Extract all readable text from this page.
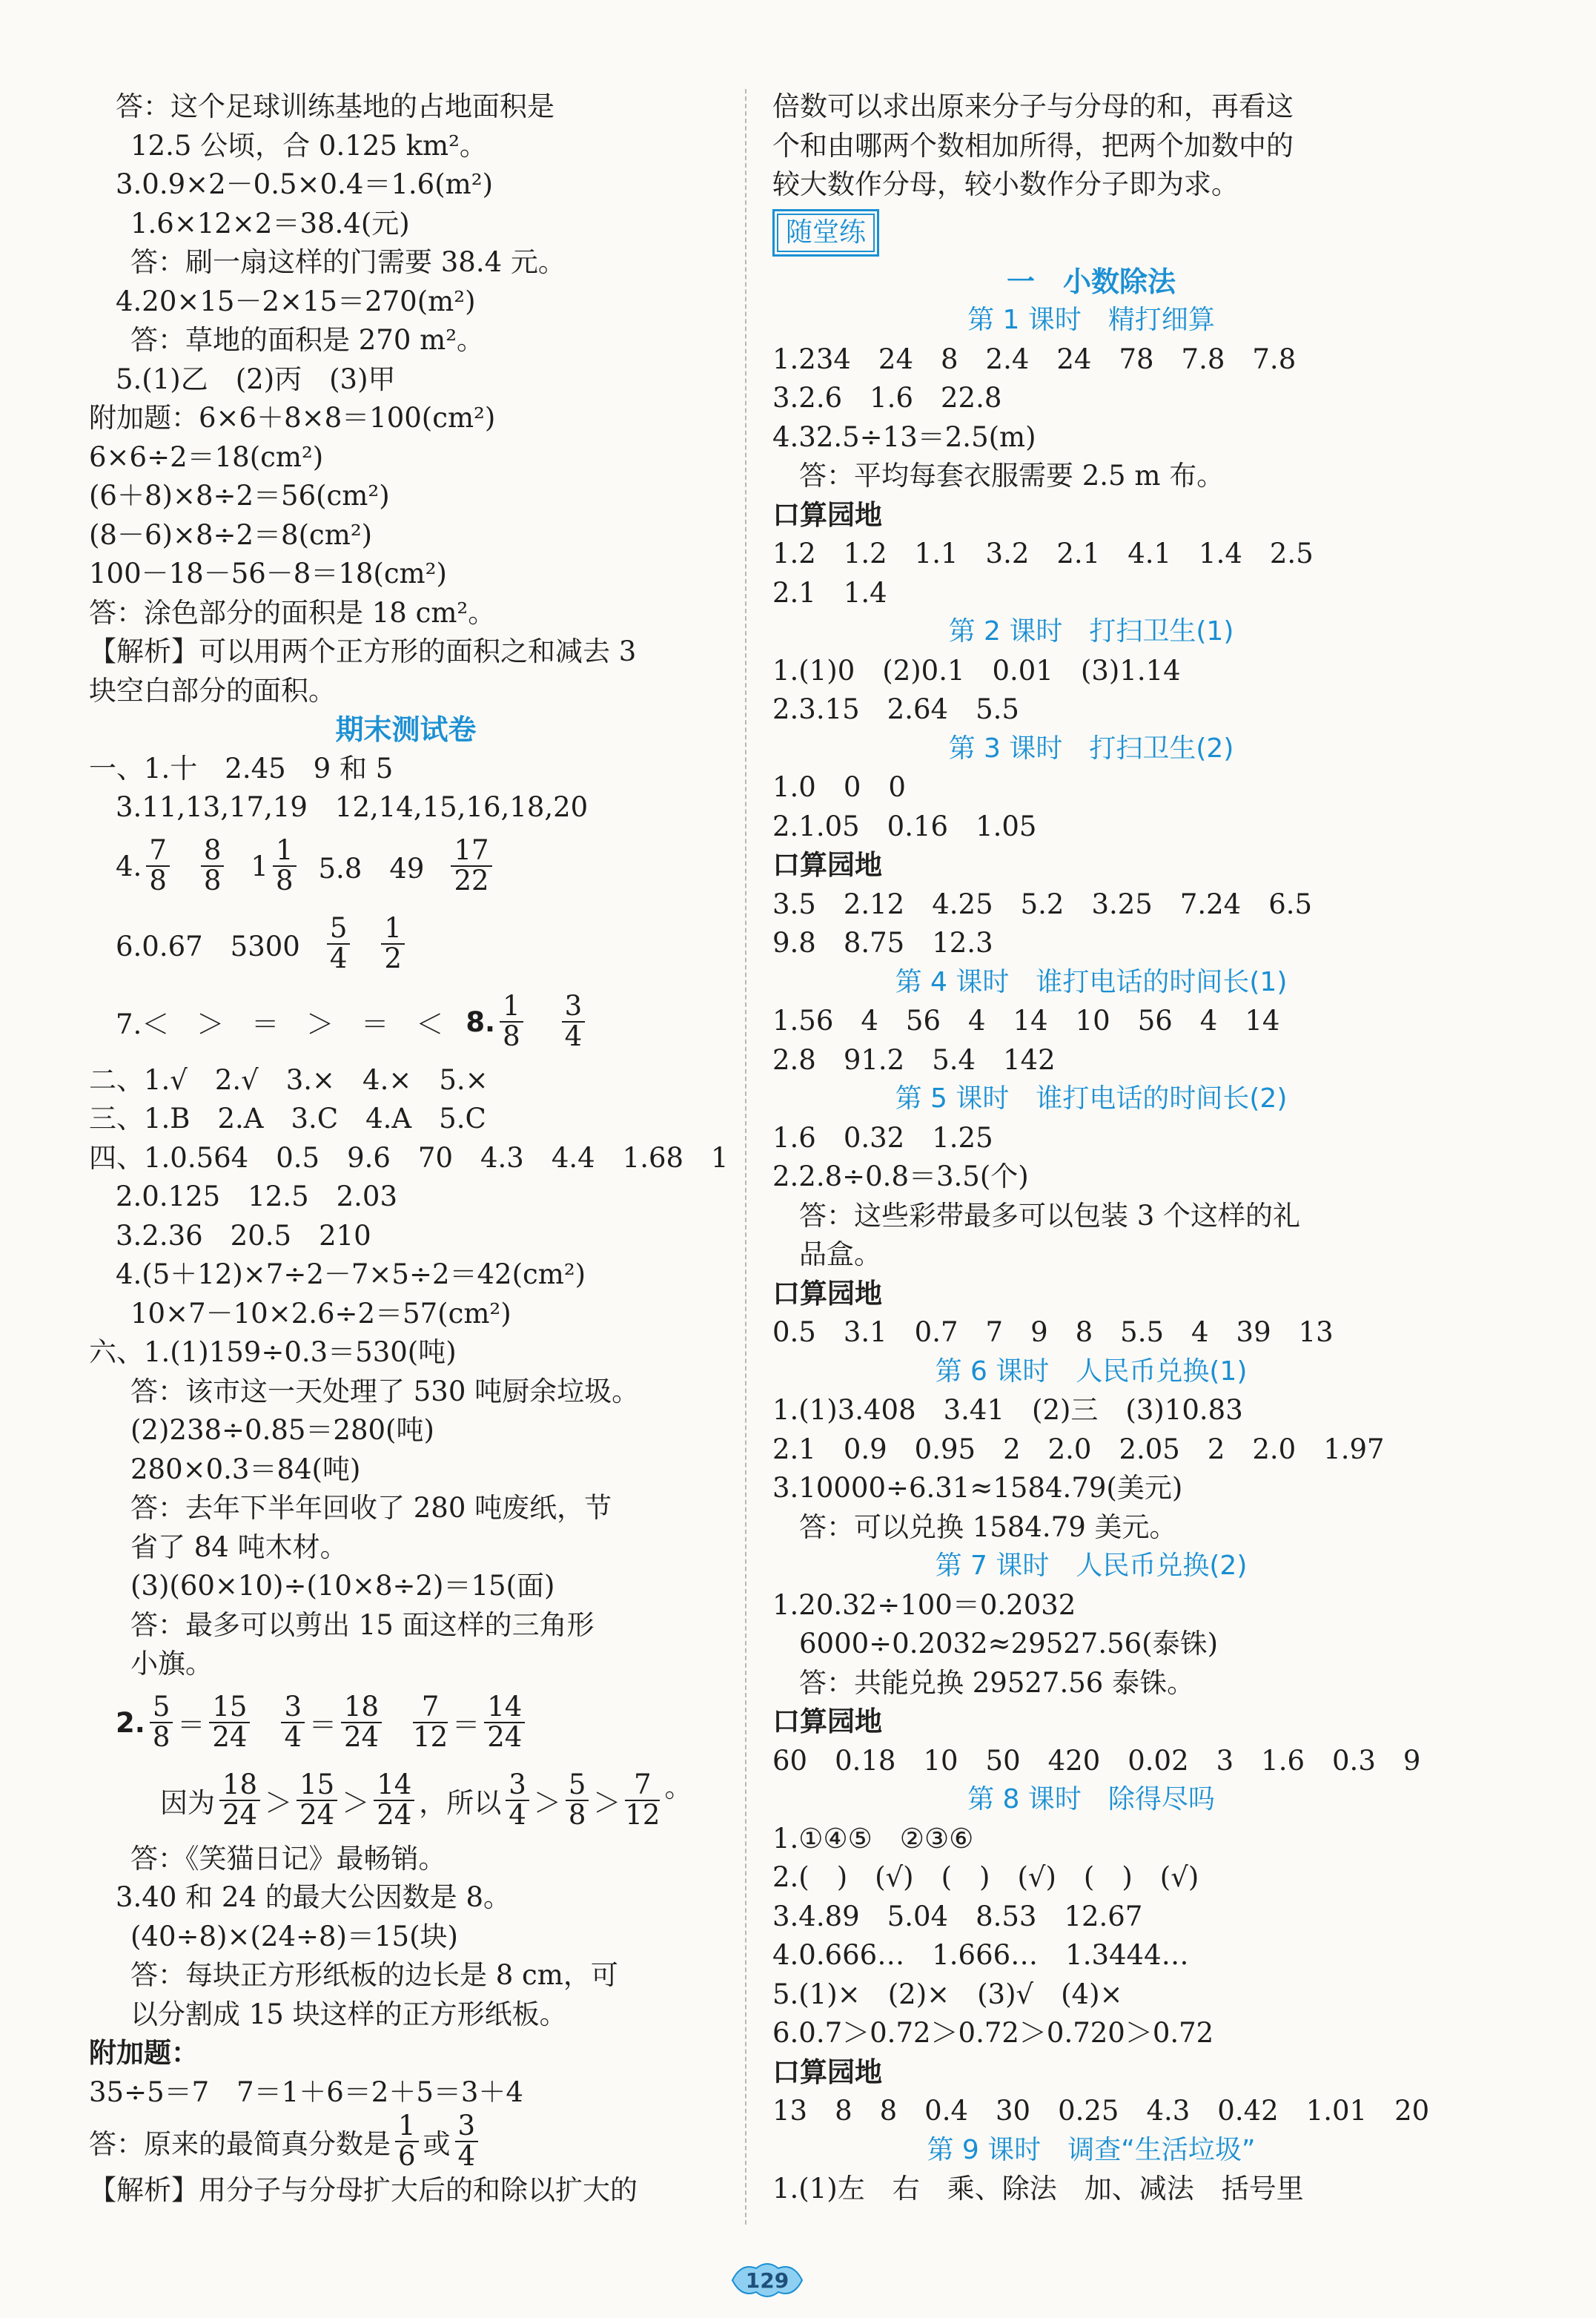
答：这个足球训练基地的占地面积是
12.5 公顷，合 0.125 km²。
3.0.9×2－0.5×0.4＝1.6(m²)
1.6×12×2＝38.4(元)
答：刷一扇这样的门需要 38.4 元。
4.20×15－2×15＝270(m²)
答：草地的面积是 270 m²。
5.(1)乙　(2)丙　(3)甲
附加题：6×6＋8×8＝100(cm²)
6×6÷2＝18(cm²)
(6＋8)×8÷2＝56(cm²)
(8－6)×8÷2＝8(cm²)
100－18－56－8＝18(cm²)
答：涂色部分的面积是 18 cm²。
【解析】可以用两个正方形的面积之和减去 3
块空白部分的面积。
期末测试卷
一、1.十　2.45　9 和 5
3.11,13,17,19　12,14,15,16,18,20
4. 7
8
8
8 1 1
8 5.8　49
17
22
6.0.67　5300
5
4
1
2
7.＜　＞　＝　＞　＝　＜ 8. 1
8
3
4
二、1.√　2.√　3.×　4.×　5.×
三、1.B　2.A　3.C　4.A　5.C
四、1.0.564　0.5　9.6　70　4.3　4.4　1.68　1
2.0.125　12.5　2.03
3.2.36　20.5　210
4.(5＋12)×7÷2－7×5÷2＝42(cm²)
10×7－10×2.6÷2＝57(cm²)
六、1.(1)159÷0.3＝530(吨)
答：该市这一天处理了 530 吨厨余垃圾。
(2)238÷0.85＝280(吨)
280×0.3＝84(吨)
答：去年下半年回收了 280 吨废纸，节
省了 84 吨木材。
(3)(60×10)÷(10×8÷2)＝15(面)
答：最多可以剪出 15 面这样的三角形
小旗。
2. 5
8 ＝
15
24
3
4 ＝
18
24
7
12 ＝
14
24
因为
18
24 ＞
15
24 ＞
14
24 ，所以
3
4 ＞
5
8 ＞
7
12
。

答：《笑猫日记》最畅销。
3.40 和 24 的最大公因数是 8。
(40÷8)×(24÷8)＝15(块)
答：每块正方形纸板的边长是 8 cm，可
以分割成 15 块这样的正方形纸板。
附加题：
35÷5＝7　7＝1＋6＝2＋5＝3＋4
答：原来的最简真分数是
1
6 或
3
4
【解析】用分子与分母扩大后的和除以扩大的
倍数可以求出原来分子与分母的和，再看这
个和由哪两个数相加所得，把两个加数中的
较大数作分母，较小数作分子即为求。
随堂练
一　小数除法
第 1 课时　精打细算
1.234　24　8　2.4　24　78　7.8　7.8
3.2.6　1.6　22.8
4.32.5÷13＝2.5(m)
答：平均每套衣服需要 2.5 m 布。
口算园地
1.2　1.2　1.1　3.2　2.1　4.1　1.4　2.5
2.1　1.4
第 2 课时　打扫卫生(1)
1.(1)0　(2)0.1　0.01　(3)1.14
2.3.15　2.64　5.5
第 3 课时　打扫卫生(2)
1.0　0　0
2.1.05　0.16　1.05
口算园地
3.5　2.12　4.25　5.2　3.25　7.24　6.5
9.8　8.75　12.3
第 4 课时　谁打电话的时间长(1)
1.56　4　56　4　14　10　56　4　14
2.8　91.2　5.4　142
第 5 课时　谁打电话的时间长(2)
1.6　0.32　1.25
2.2.8÷0.8＝3.5(个)
答：这些彩带最多可以包装 3 个这样的礼
品盒。
口算园地
0.5　3.1　0.7　7　9　8　5.5　4　39　13
第 6 课时　人民币兑换(1)
1.(1)3.408　3.41　(2)三　(3)10.83
2.1　0.9　0.95　2　2.0　2.05　2　2.0　1.97
3.10000÷6.31≈1584.79(美元)
答：可以兑换 1584.79 美元。
第 7 课时　人民币兑换(2)
1.20.32÷100＝0.2032
6000÷0.2032≈29527.56(泰铢)
答：共能兑换 29527.56 泰铢。
口算园地
60　0.18　10　50　420　0.02　3　1.6　0.3　9
第 8 课时　除得尽吗
1.①④⑤　②③⑥
2.(　)　(√)　(　)　(√)　(　)　(√)
3.4.89　5.04　8.53　12.67
4.0.666…　1.666…　1.3444…
5.(1)×　(2)×　(3)√　(4)×
6.0.7＞0.72＞0.72＞0.720＞0.72
口算园地
13　8　8　0.4　30　0.25　4.3　0.42　1.01　20
第 9 课时　调查“生活垃圾”
1.(1)左　右　乘、除法　加、减法　括号里
129
